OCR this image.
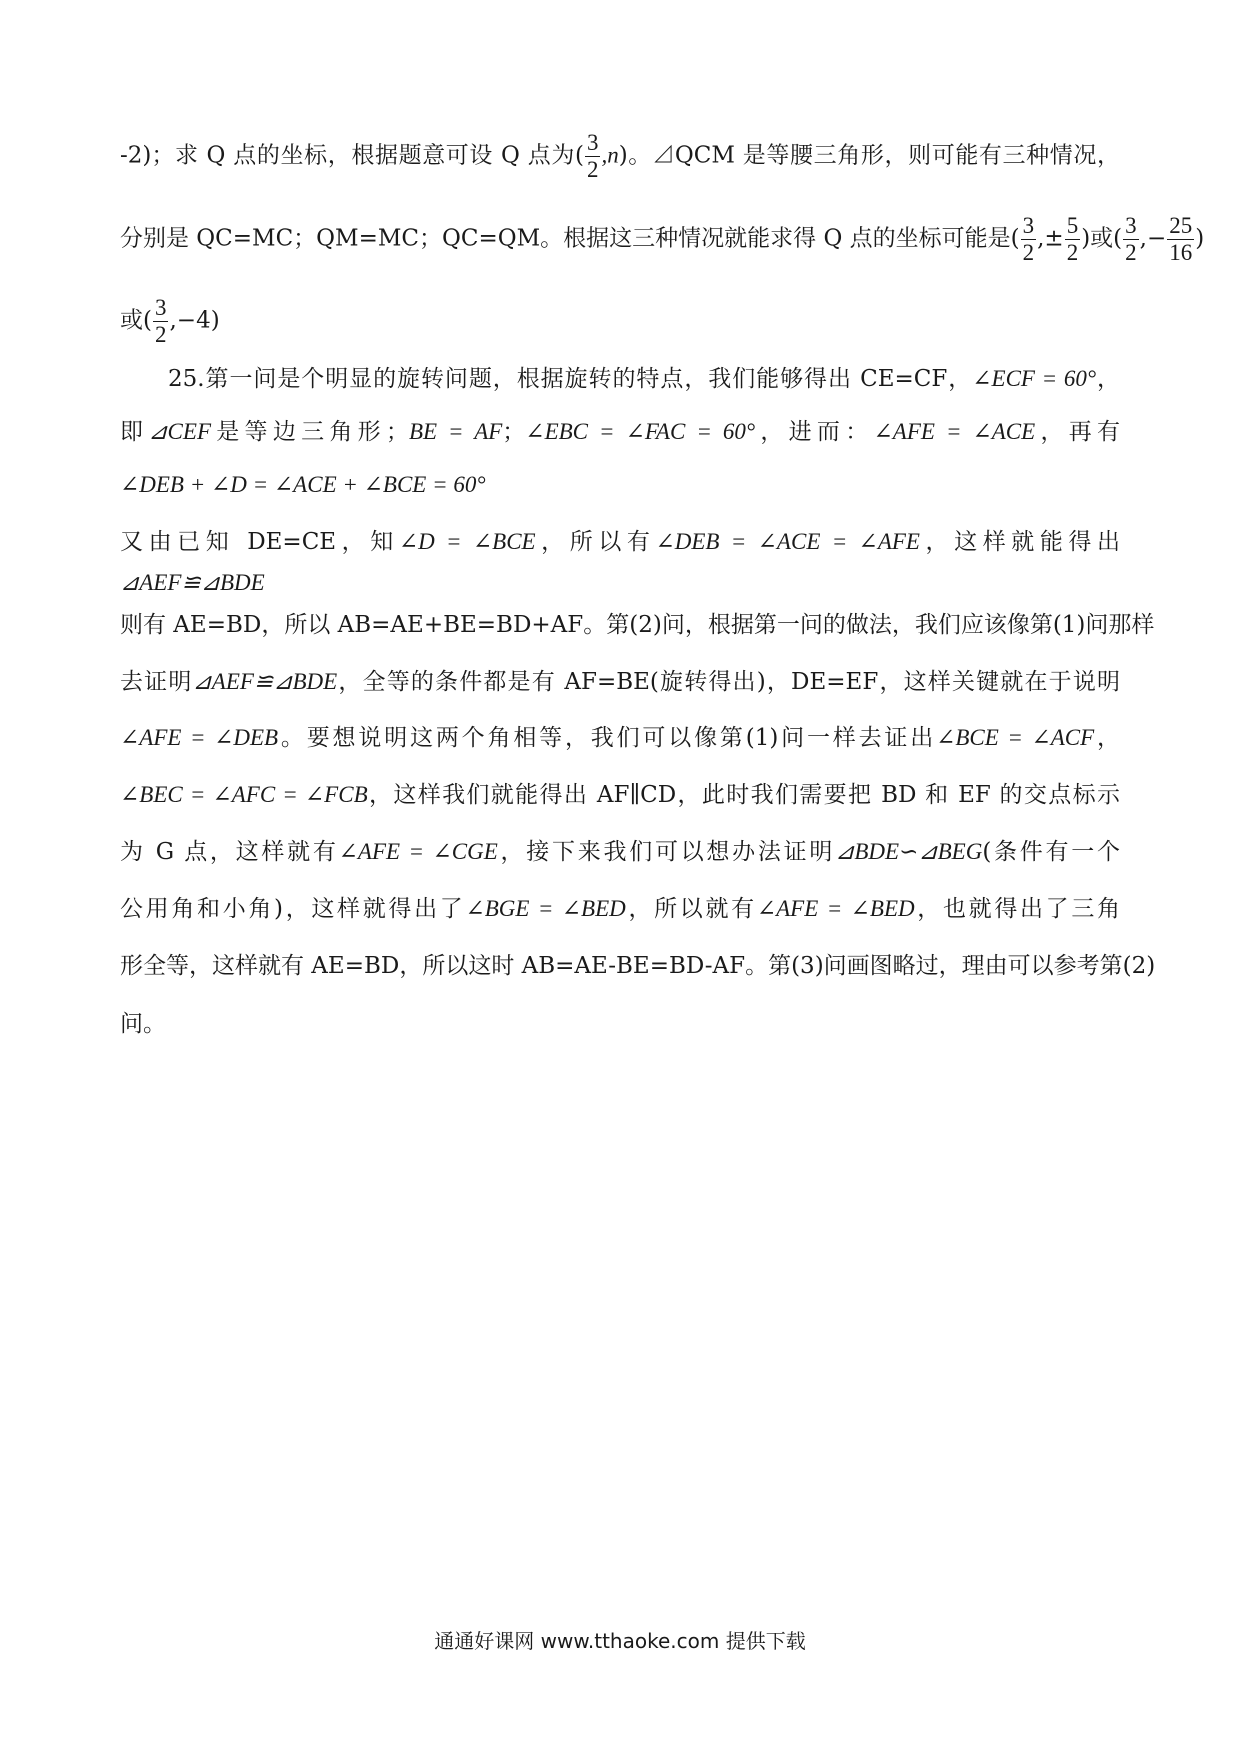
-2)；求 Q 点的坐标，根据题意可设 Q 点为( $\frac{3}{2} ,n$)。⊿QCM 是等腰三角形，则可能有三种情况，
分别是 QC=MC；QM=MC；QC=QM。根据这三种情况就能求得 Q 点的坐标可能是( $\frac{3}{2}$ ,± $\frac{5}{2}$ )或( $\frac{3}{2}$ ,− $\frac{25}{16}$ )
或( $\frac{3}{2} ,-4$)
25.第一问是个明显的旋转问题，根据旋转的特点，我们能够得出 CE=CF，∠ECF = 60°，
即⊿CEF是等边三角形；BE = AF；∠EBC = ∠FAC = 60°，进而：∠AFE = ∠ACE，再有
∠DEB + ∠D = ∠ACE + ∠BCE = 60°
又由已知 DE=CE，知∠D = ∠BCE，所以有∠DEB = ∠ACE = ∠AFE，这样就能得出
⊿AEF≌⊿BDE
则有 AE=BD，所以 AB=AE+BE=BD+AF。第(2)问，根据第一问的做法，我们应该像第(1)问那样
去证明⊿AEF≌⊿BDE，全等的条件都是有 AF=BE(旋转得出)，DE=EF，这样关键就在于说明
∠AFE = ∠DEB。要想说明这两个角相等，我们可以像第(1)问一样去证出∠BCE = ∠ACF，
∠BEC = ∠AFC = ∠FCB，这样我们就能得出 AF∥CD，此时我们需要把 BD 和 EF 的交点标示
为 G 点，这样就有∠AFE = ∠CGE，接下来我们可以想办法证明⊿BDE∽⊿BEG(条件有一个
公用角和小角)，这样就得出了∠BGE = ∠BED，所以就有∠AFE = ∠BED，也就得出了三角
形全等，这样就有 AE=BD，所以这时 AB=AE-BE=BD-AF。第(3)问画图略过，理由可以参考第(2)
问。
通通好课网 www.tthaoke.com 提供下载
